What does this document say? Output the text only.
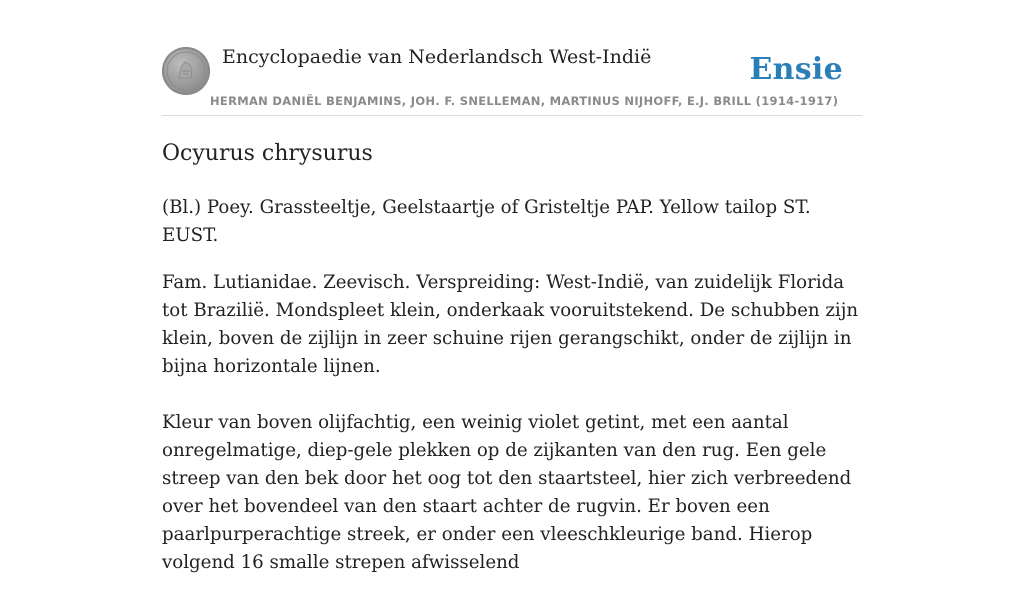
Encyclopaedie van Nederlandsch West-Indië	Ensie
HERMAN DANIËL BENJAMINS, JOH. F. SNELLEMAN, MARTINUS NIJHOFF, E.J. BRILL (1914-1917)
Ocyurus chrysurus

(Bl.) Poey. Grassteeltje, Geelstaartje of Gristeltje PAP. Yellow tailop ST. EUST.

Fam. Lutianidae. Zeevisch. Verspreiding: West-Indië, van zuidelijk Florida tot Brazilië. Mondspleet klein, onderkaak vooruitstekend. De schubben zijn klein, boven de zijlijn in zeer schuine rijen gerangschikt, onder de zijlijn in bijna horizontale lijnen.

Kleur van boven olijfachtig, een weinig violet getint, met een aantal onregelmatige, diep-gele plekken op de zijkanten van den rug. Een gele streep van den bek door het oog tot den staartsteel, hier zich verbreedend over het bovendeel van den staart achter de rugvin. Er boven een paarlpurperachtige streek, er onder een vleeschkleurige band. Hierop volgend 16 smalle strepen afwisselend
